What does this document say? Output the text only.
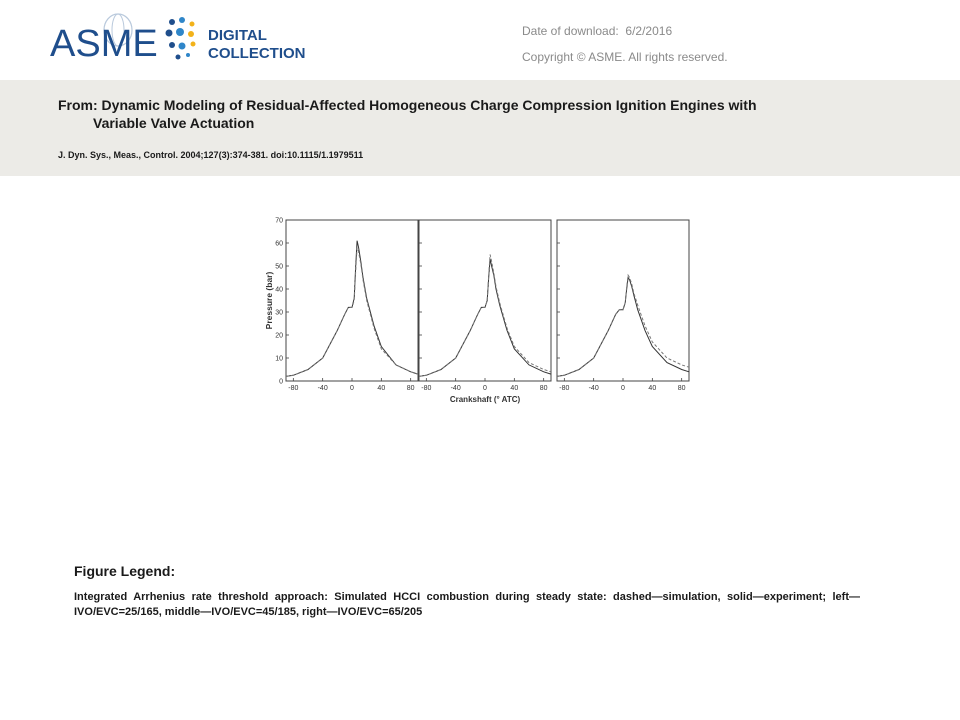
ASME	DIGITAL
COLLECTION
Date of download: 6/2/2016
Copyright © ASME. All rights reserved.
From: Dynamic Modeling of Residual-Affected Homogeneous Charge Compression Ignition Engines with
Variable Valve Actuation
J. Dyn. Sys., Meas., Control. 2004;127(3):374-381. doi:10.1115/1.1979511
-80	-40	0	40	80
0
10
20
30
40
50
60
70
-80	-40	0	40	80 -80	-40	0	40	80
Pressure (bar)
Crankshaft (° ATC)
Figure Legend:
Integrated Arrhenius rate threshold approach: Simulated HCCI combustion during steady state: dashed—simulation, solid—experiment; left—IVO/EVC=25/165, middle—IVO/EVC=45/185, right—IVO/EVC=65/205
